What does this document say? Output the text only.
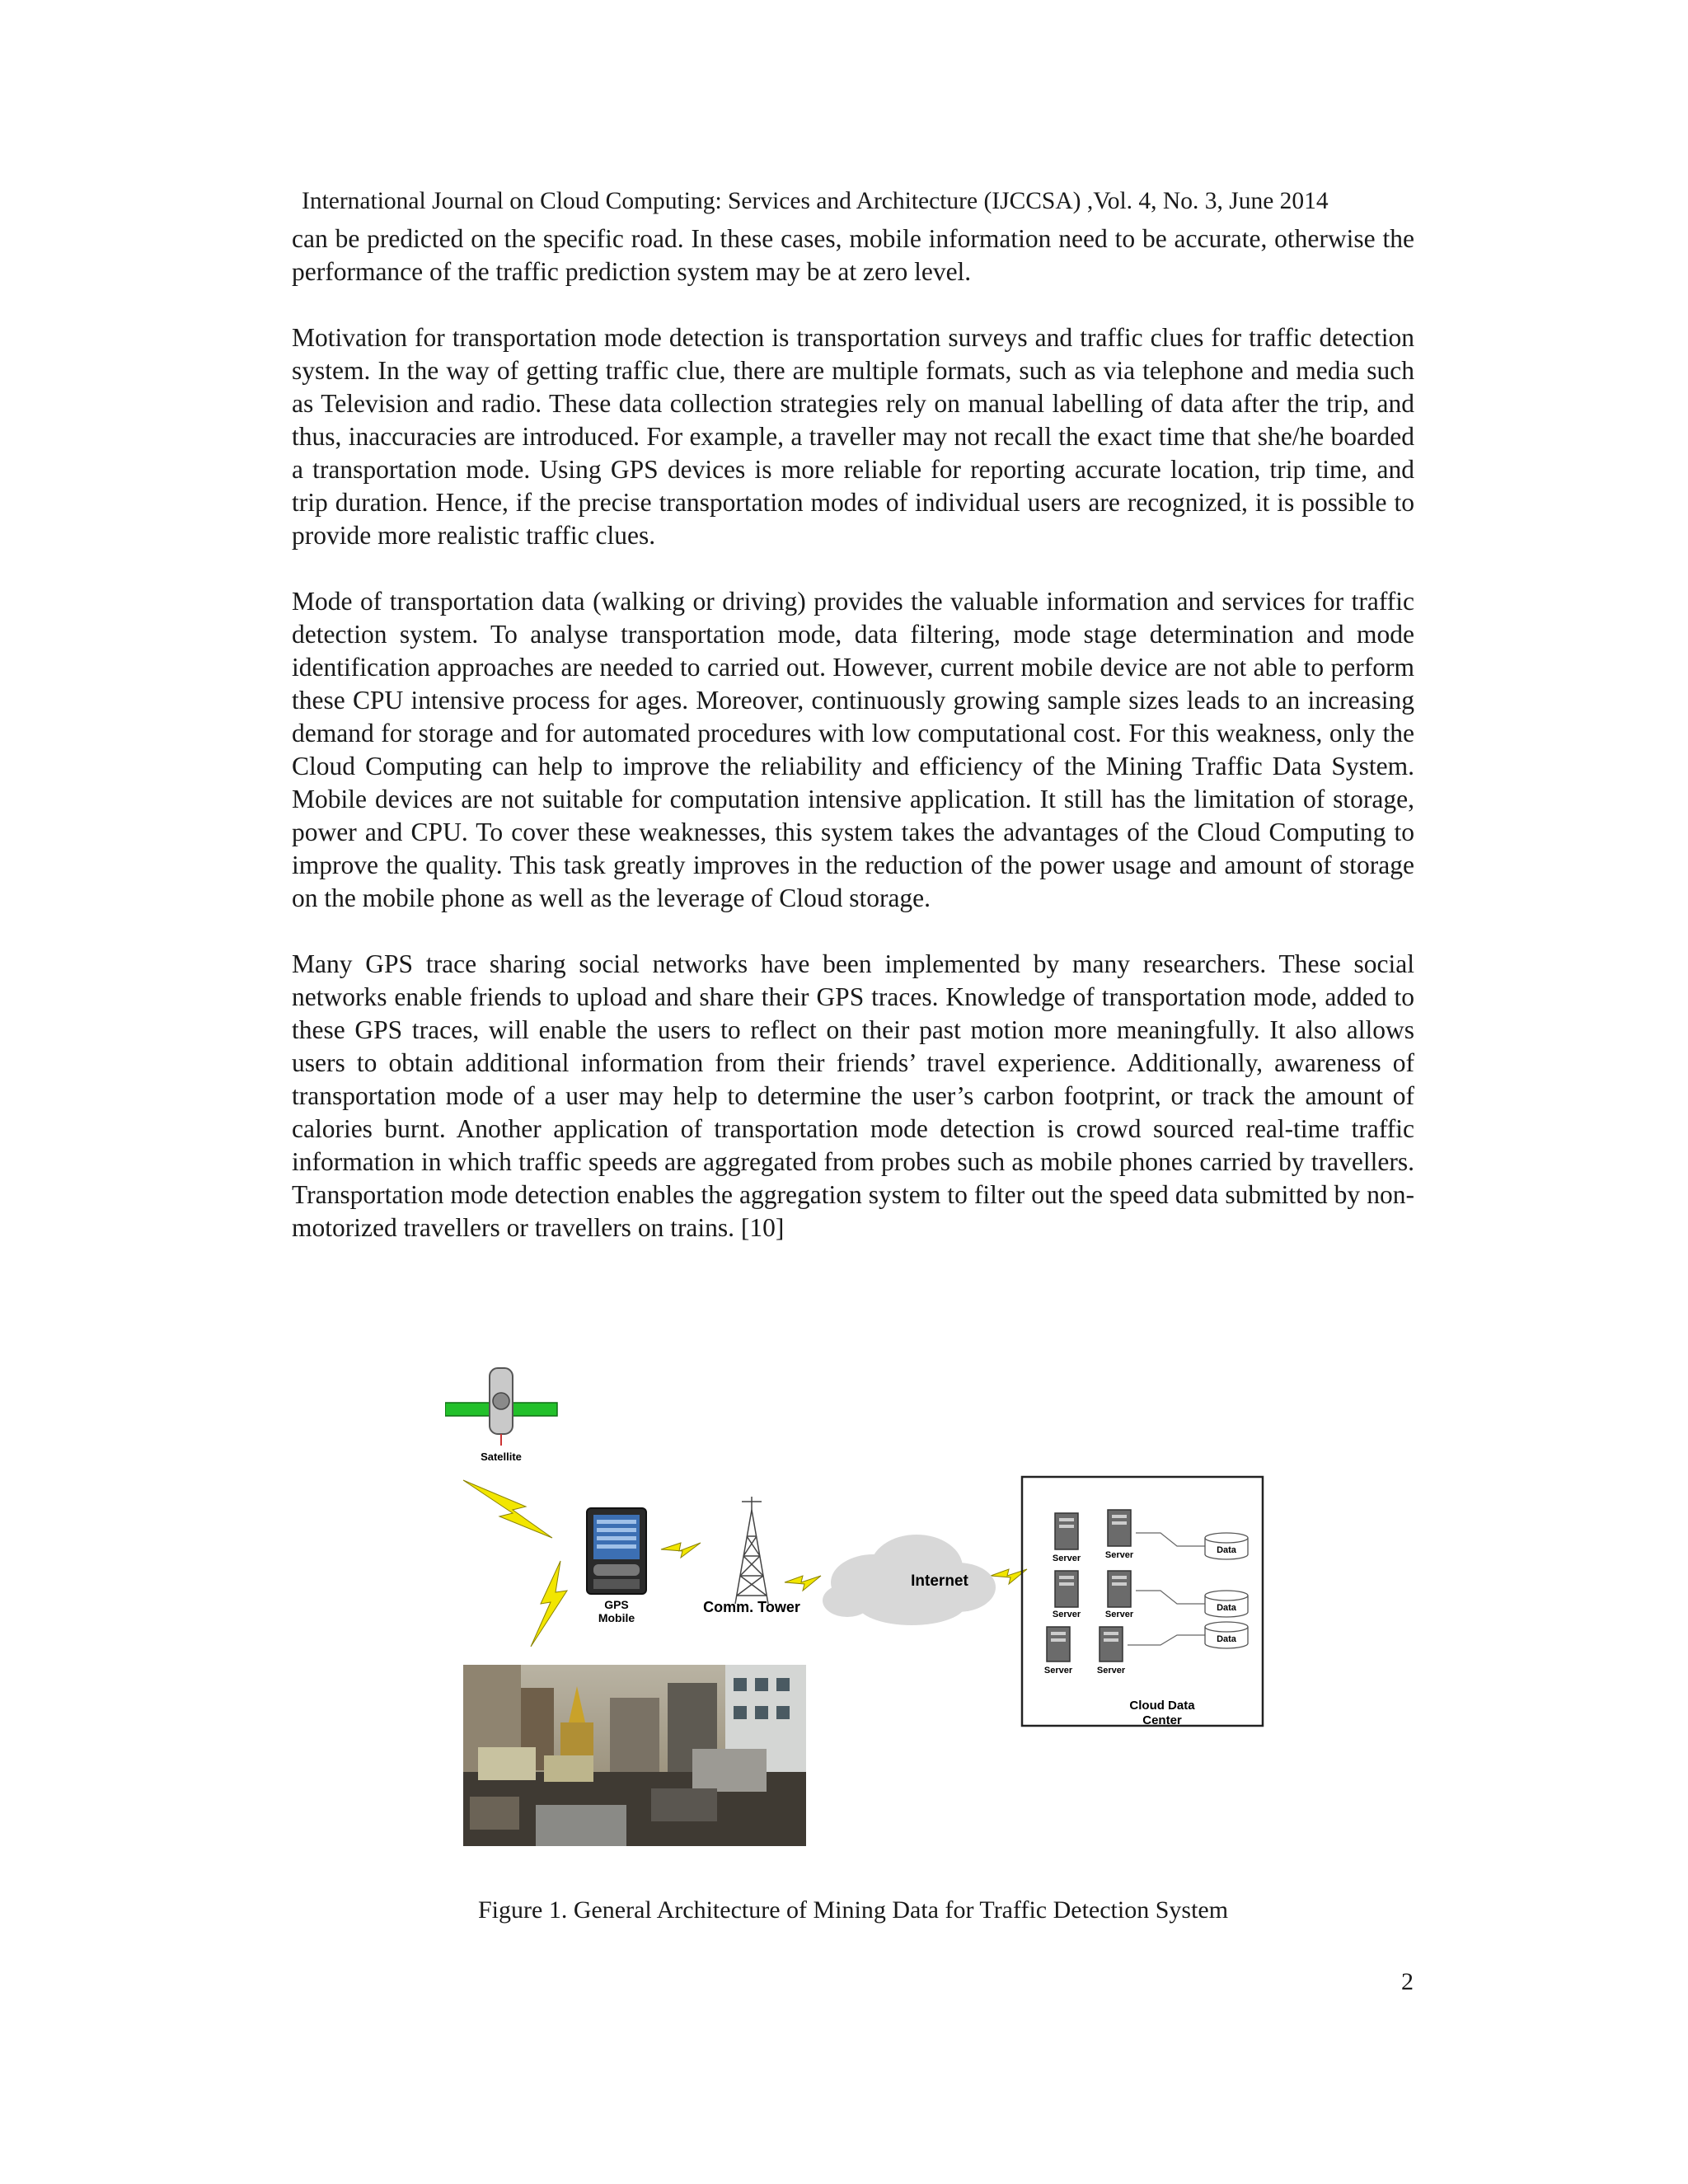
International Journal on Cloud Computing: Services and Architecture (IJCCSA) ,Vol. 4, No. 3, June 2014

can be predicted on the specific road. In these cases, mobile information need to be accurate, otherwise the performance of the traffic prediction system may be at zero level.

Motivation for transportation mode detection is transportation surveys and traffic clues for traffic detection system. In the way of getting traffic clue, there are multiple formats, such as via telephone and media such as Television and radio. These data collection strategies rely on manual labelling of data after the trip, and thus, inaccuracies are introduced. For example, a traveller may not recall the exact time that she/he boarded a transportation mode. Using GPS devices is more reliable for reporting accurate location, trip time, and trip duration. Hence, if the precise transportation modes of individual users are recognized, it is possible to provide more realistic traffic clues.

Mode of transportation data (walking or driving) provides the valuable information and services for traffic detection system. To analyse transportation mode, data filtering, mode stage determination and mode identification approaches are needed to carried out. However, current mobile device are not able to perform these CPU intensive process for ages. Moreover, continuously growing sample sizes leads to an increasing demand for storage and for automated procedures with low computational cost. For this weakness, only the Cloud Computing can help to improve the reliability and efficiency of the Mining Traffic Data System. Mobile devices are not suitable for computation intensive application. It still has the limitation of storage, power and CPU. To cover these weaknesses, this system takes the advantages of the Cloud Computing to improve the quality. This task greatly improves in the reduction of the power usage and amount of storage on the mobile phone as well as the leverage of Cloud storage.

Many GPS trace sharing social networks have been implemented by many researchers. These social networks enable friends to upload and share their GPS traces. Knowledge of transportation mode, added to these GPS traces, will enable the users to reflect on their past motion more meaningfully. It also allows users to obtain additional information from their friends’ travel experience. Additionally, awareness of transportation mode of a user may help to determine the user’s carbon footprint, or track the amount of calories burnt. Another application of transportation mode detection is crowd sourced real-time traffic information in which traffic speeds are aggregated from probes such as mobile phones carried by travellers. Transportation mode detection enables the aggregation system to filter out the speed data submitted by non-motorized travellers or travellers on trains. [10]

Satellite
GPS
Mobile
Comm. Tower
Internet
Server	Server
Server	Server
Server	Server
Data
Data
Data
Cloud Data
Center
Figure 1. General Architecture of Mining Data for Traffic Detection System
2
